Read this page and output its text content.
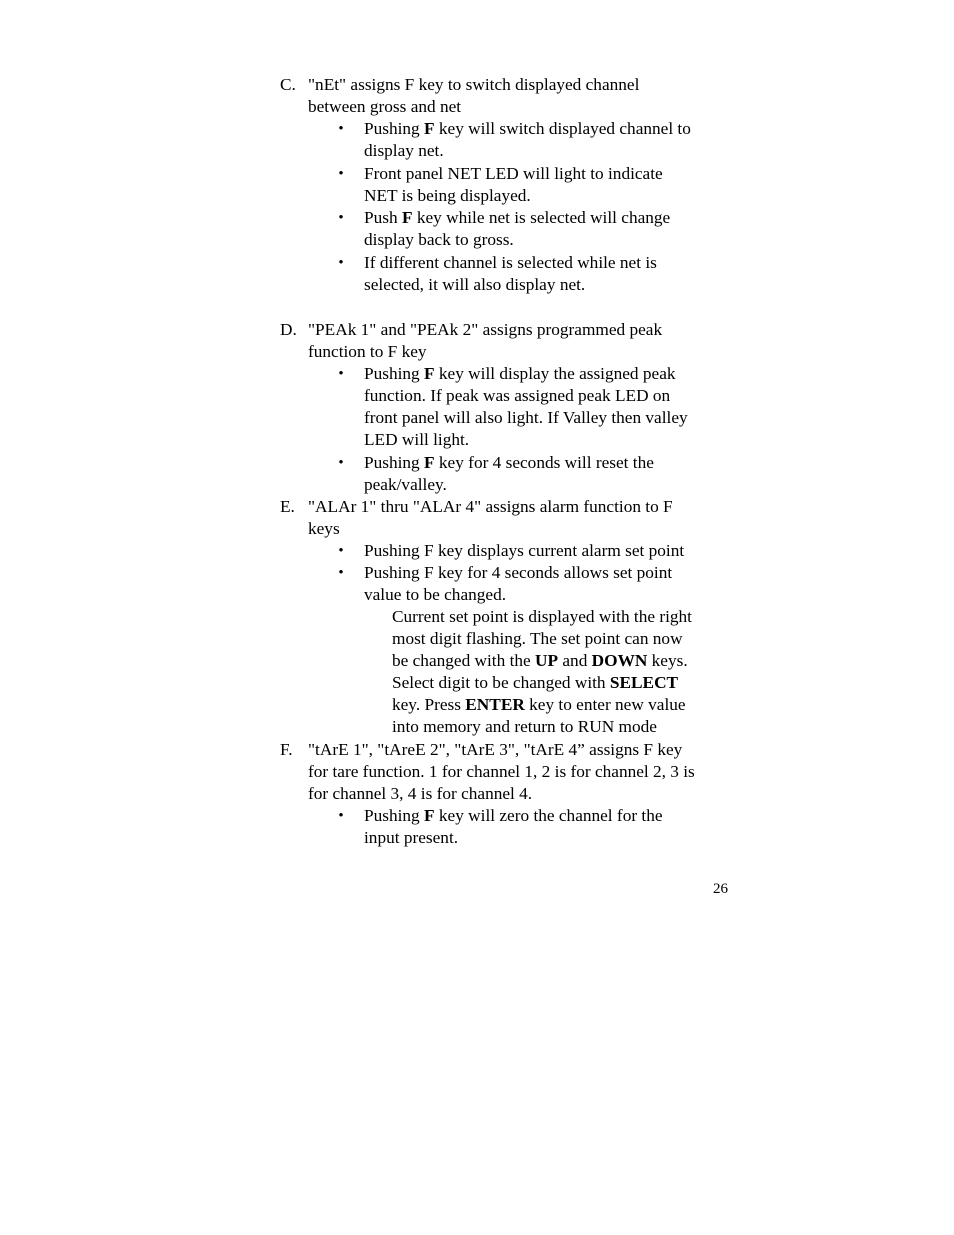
C. "nEt" assigns F key to switch displayed channel
between gross and net
• Pushing F key will switch displayed channel to
display net.
• Front panel NET LED will light to indicate
NET is being displayed.
• Push F key while net is selected will change
display back to gross.
• If different channel is selected while net is
selected, it will also display net.
D. "PEAk 1" and "PEAk 2" assigns programmed peak
function to F key
• Pushing F key will display the assigned peak
function. If peak was assigned peak LED on
front panel will also light. If Valley then valley
LED will light.
• Pushing F key for 4 seconds will reset the
peak/valley.
E. "ALAr 1" thru "ALAr 4" assigns alarm function to F
keys
• Pushing F key displays current alarm set point
• Pushing F key for 4 seconds allows set point
value to be changed.
Current set point is displayed with the right
most digit flashing. The set point can now
be changed with the UP and DOWN keys.
Select digit to be changed with SELECT
key. Press ENTER key to enter new value
into memory and return to RUN mode
F. "tArE 1", "tAreE 2", "tArE 3", "tArE 4” assigns F key
for tare function. 1 for channel 1, 2 is for channel 2, 3 is
for channel 3, 4 is for channel 4.
• Pushing F key will zero the channel for the
input present.
26
